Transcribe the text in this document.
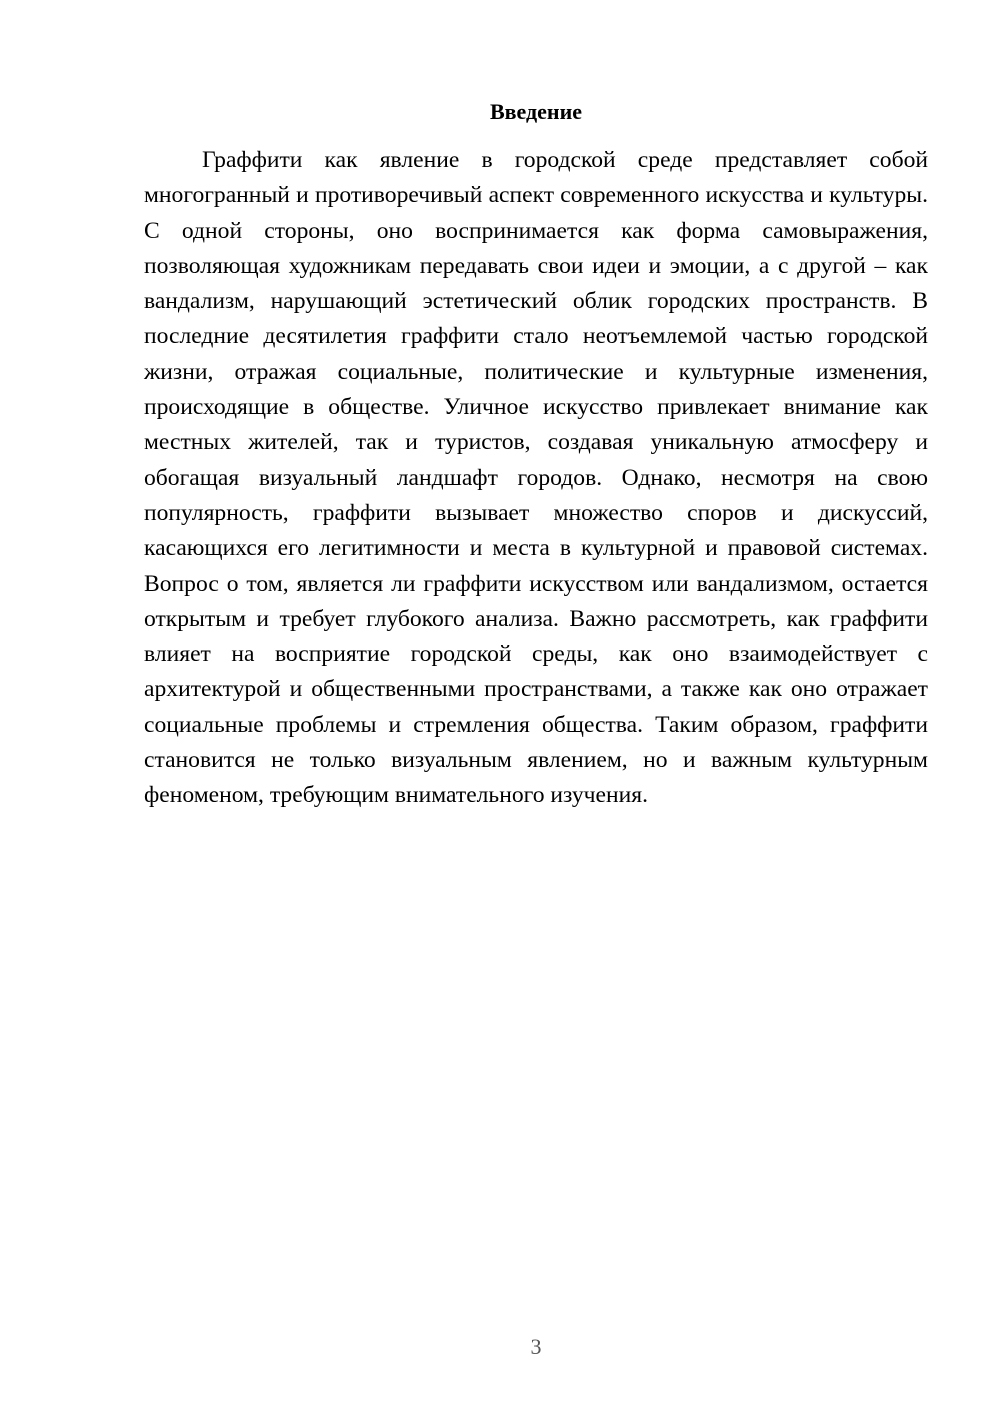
Введение

Граффити как явление в городской среде представляет собой многогранный и противоречивый аспект современного искусства и культуры. С одной стороны, оно воспринимается как форма самовыражения, позволяющая художникам передавать свои идеи и эмоции, а с другой – как вандализм, нарушающий эстетический облик городских пространств. В последние десятилетия граффити стало неотъемлемой частью городской жизни, отражая социальные, политические и культурные изменения, происходящие в обществе. Уличное искусство привлекает внимание как местных жителей, так и туристов, создавая уникальную атмосферу и обогащая визуальный ландшафт городов. Однако, несмотря на свою популярность, граффити вызывает множество споров и дискуссий, касающихся его легитимности и места в культурной и правовой системах. Вопрос о том, является ли граффити искусством или вандализмом, остается открытым и требует глубокого анализа. Важно рассмотреть, как граффити влияет на восприятие городской среды, как оно взаимодействует с архитектурой и общественными пространствами, а также как оно отражает социальные проблемы и стремления общества. Таким образом, граффити становится не только визуальным явлением, но и важным культурным феноменом, требующим внимательного изучения.

3
